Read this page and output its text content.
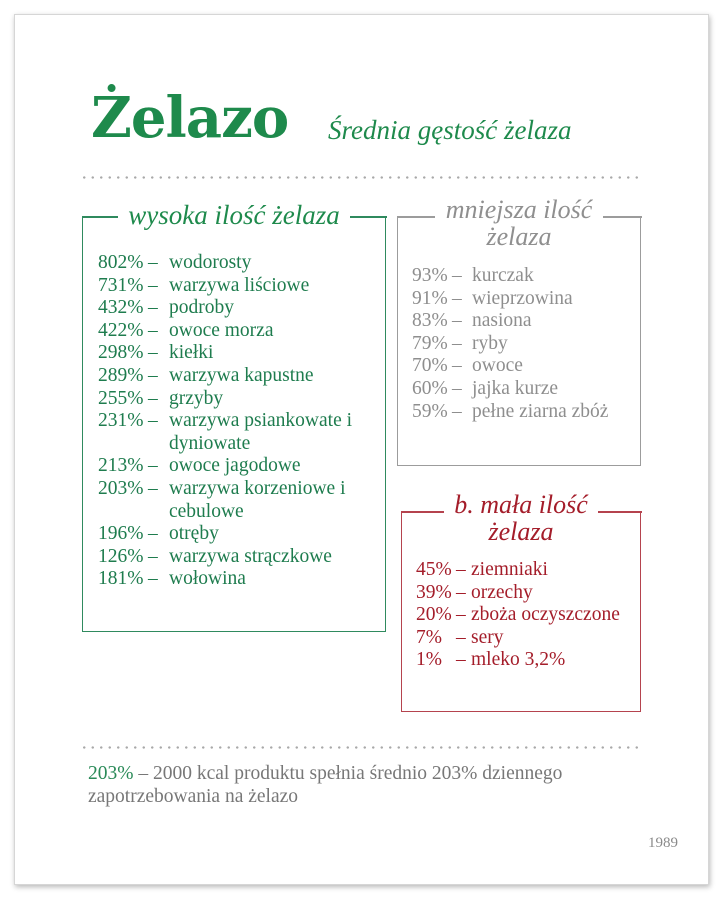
Żelazo Średnia gęstość żelaza
wysoka ilość żelaza
802% – wodorosty
731% – warzywa liściowe
432% – podroby
422% – owoce morza
298% – kiełki
289% – warzywa kapustne
255% – grzyby
231% – warzywa psiankowate i dyniowate
213% – owoce jagodowe
203% – warzywa korzeniowe i cebulowe
196% – otręby
126% – warzywa strączkowe
181% – wołowina
mniejsza ilość żelaza
93% – kurczak
91% – wieprzowina
83% – nasiona
79% – ryby
70% – owoce
60% – jajka kurze
59% – pełne ziarna zbóż
b. mała ilość żelaza
45% – ziemniaki
39% – orzechy
20% – zboża oczyszczone
7% – sery
1% – mleko 3,2%

203% – 2000 kcal produktu spełnia średnio 203% dziennego zapotrzebowania na żelazo

1989
